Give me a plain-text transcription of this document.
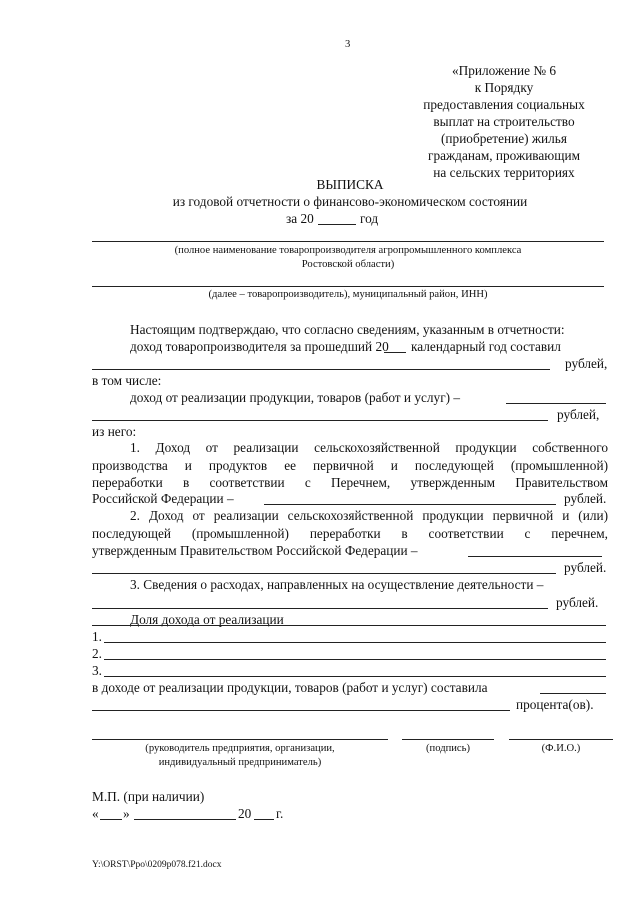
3
«Приложение № 6
к Порядку
предоставления социальных
выплат на строительство
(приобретение) жилья
гражданам, проживающим
на сельских территориях
ВЫПИСКА
из годовой отчетности о финансово-экономическом состоянии
за 20	год
(полное наименование товаропроизводителя агропромышленного комплекса
Ростовской области)
(далее – товаропроизводитель), муниципальный район, ИНН)
Настоящим подтверждаю, что согласно сведениям, указанным в отчетности:
доход товаропроизводителя за прошедший 20 календарный год составил
рублей,
в том числе:
доход от реализации продукции, товаров (работ и услуг) –
рублей,
из него:
1. Доход от реализации сельскохозяйственной продукции собственного
производства и продуктов ее первичной и последующей (промышленной)
переработки в соответствии с Перечнем, утвержденным Правительством
Российской Федерации –	рублей.
2. Доход от реализации сельскохозяйственной продукции первичной и (или)
последующей (промышленной) переработки в соответствии с перечнем,
утвержденным Правительством Российской Федерации –
рублей.
3. Сведения о расходах, направленных на осуществление деятельности –
рублей.
Доля дохода от реализации
1.
2.
3.
в доходе от реализации продукции, товаров (работ и услуг) составила
процента(ов).
(руководитель предприятия, организации,
индивидуальный предприниматель)
(подпись)	(Ф.И.О.)
М.П. (при наличии)
« »	20 г.
Y:\ORST\Ppo\0209p078.f21.docx
